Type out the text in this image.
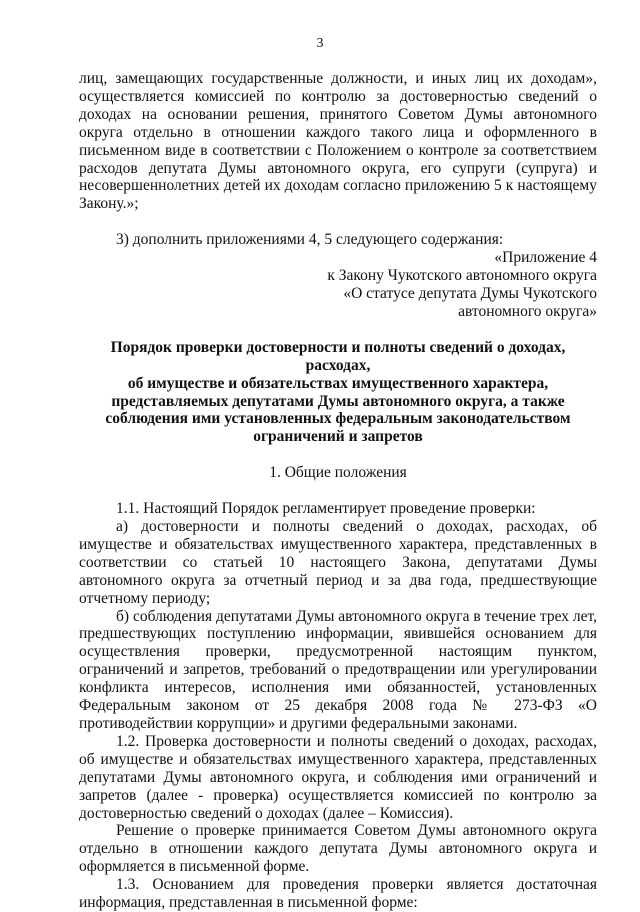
3

лиц, замещающих государственные должности, и иных лиц их доходам», осуществляется комиссией по контролю за достоверностью сведений о доходах на основании решения, принятого Советом Думы автономного округа отдельно в отношении каждого такого лица и оформленного в письменном виде в соответствии с Положением о контроле за соответствием расходов депутата Думы автономного округа, его супруги (супруга) и несовершеннолетних детей их доходам согласно приложению 5 к настоящему Закону.»;

3) дополнить приложениями 4, 5 следующего содержания:

«Приложение 4

к Закону Чукотского автономного округа

«О статусе депутата Думы Чукотского

автономного округа»

Порядок проверки достоверности и полноты сведений о доходах, расходах,
об имуществе и обязательствах имущественного характера,
представляемых депутатами Думы автономного округа, а также
соблюдения ими установленных федеральным законодательством
ограничений и запретов
1. Общие положения

1.1. Настоящий Порядок регламентирует проведение проверки:

а) достоверности и полноты сведений о доходах, расходах, об имуществе и обязательствах имущественного характера, представленных в соответствии со статьей 10 настоящего Закона, депутатами Думы автономного округа за отчетный период и за два года, предшествующие отчетному периоду;

б) соблюдения депутатами Думы автономного округа в течение трех лет, предшествующих поступлению информации, явившейся основанием для осуществления проверки, предусмотренной настоящим пунктом, ограничений и запретов, требований о предотвращении или урегулировании конфликта интересов, исполнения ими обязанностей, установленных Федеральным законом от 25 декабря 2008 года № 273-ФЗ «О противодействии коррупции» и другими федеральными законами.

1.2. Проверка достоверности и полноты сведений о доходах, расходах, об имуществе и обязательствах имущественного характера, представленных депутатами Думы автономного округа, и соблюдения ими ограничений и запретов (далее - проверка) осуществляется комиссией по контролю за достоверностью сведений о доходах (далее – Комиссия).

Решение о проверке принимается Советом Думы автономного округа отдельно в отношении каждого депутата Думы автономного округа и оформляется в письменной форме.

1.3. Основанием для проведения проверки является достаточная информация, представленная в письменной форме:
